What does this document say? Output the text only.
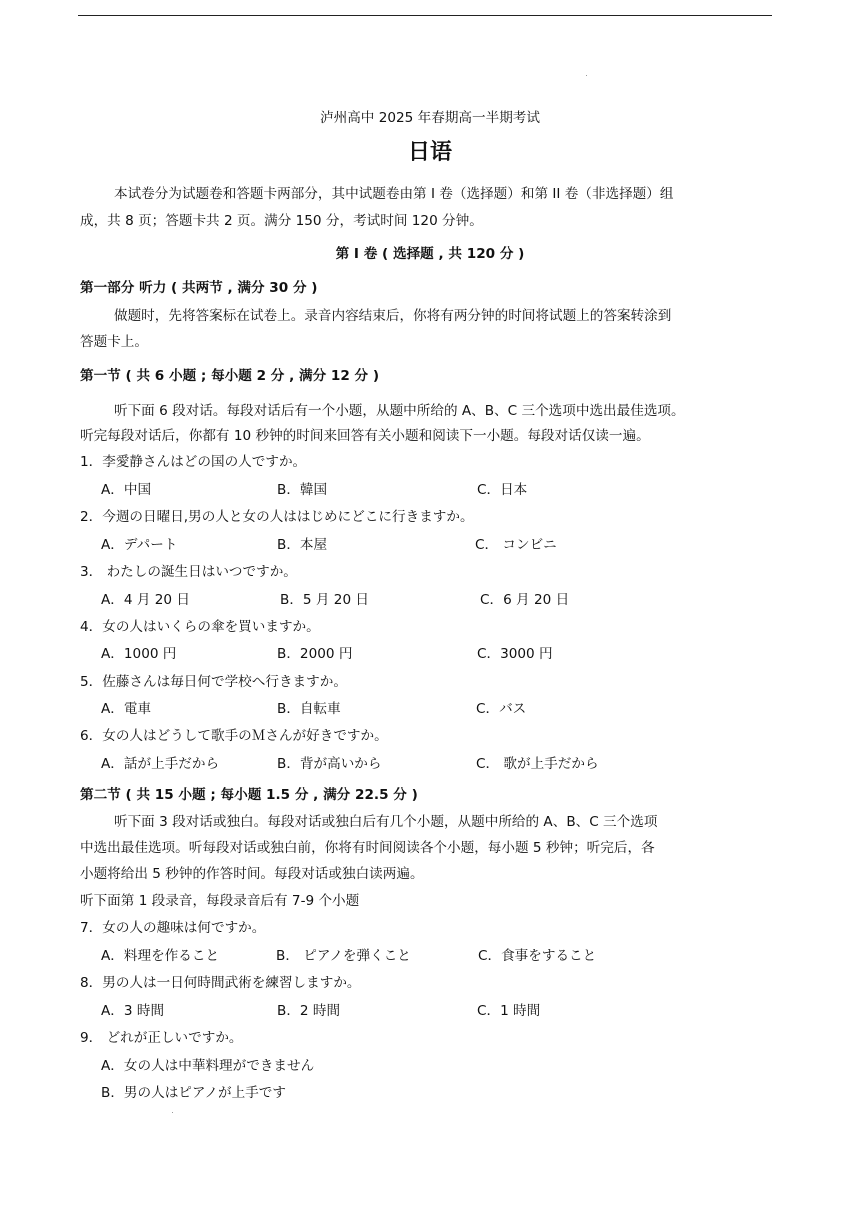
泸州高中 2025 年春期高一半期考试
日语
本试卷分为试题卷和答题卡两部分，其中试题卷由第 I 卷（选择题）和第 II 卷（非选择题）组
成，共 8 页；答题卡共 2 页。满分 150 分，考试时间 120 分钟。
第 I 卷 ( 选择题 , 共 120 分 )
第一部分 听力 ( 共两节 , 满分 30 分 )
做题时，先将答案标在试卷上。录音内容结束后，你将有两分钟的时间将试题上的答案转涂到
答题卡上。
第一节 ( 共 6 小题 ; 每小题 2 分 , 满分 12 分 )
听下面 6 段对话。每段对话后有一个小题，从题中所给的 A、B、C 三个选项中选出最佳选项。
听完每段对话后，你都有 10 秒钟的时间来回答有关小题和阅读下一小题。每段对话仅读一遍。
1．李愛静さんはどの国の人ですか。
A．中国	B．韓国	C．日本
2．今週の日曜日,男の人と女の人ははじめにどこに行きますか。
A．デパート	B．本屋	C． コンビニ
3． わたしの誕生日はいつですか。
A．4 月 20 日	B．5 月 20 日	C．6 月 20 日
4．女の人はいくらの傘を買いますか。
A．1000 円	B．2000 円	C．3000 円
5．佐藤さんは毎日何で学校へ行きますか。
A．電車	B．自転車	C．バス
6．女の人はどうして歌手のＭさんが好きですか。
A．話が上手だから	B．背が高いから	C． 歌が上手だから
第二节 ( 共 15 小题 ; 每小题 1.5 分 , 满分 22.5 分 )
听下面 3 段对话或独白。每段对话或独白后有几个小题，从题中所给的 A、B、C 三个选项
中选出最佳选项。听每段对话或独白前，你将有时间阅读各个小题，每小题 5 秒钟；听完后，各
小题将给出 5 秒钟的作答时间。每段对话或独白读两遍。
听下面第 1 段录音，每段录音后有 7-9 个小题
7．女の人の趣味は何ですか。
A．料理を作ること	B． ピアノを弾くこと	C．食事をすること
8．男の人は一日何時間武術を練習しますか。
A．3 時間	B．2 時間	C．1 時間
9． どれが正しいですか。
A．女の人は中華料理ができません
B．男の人はピアノが上手です
